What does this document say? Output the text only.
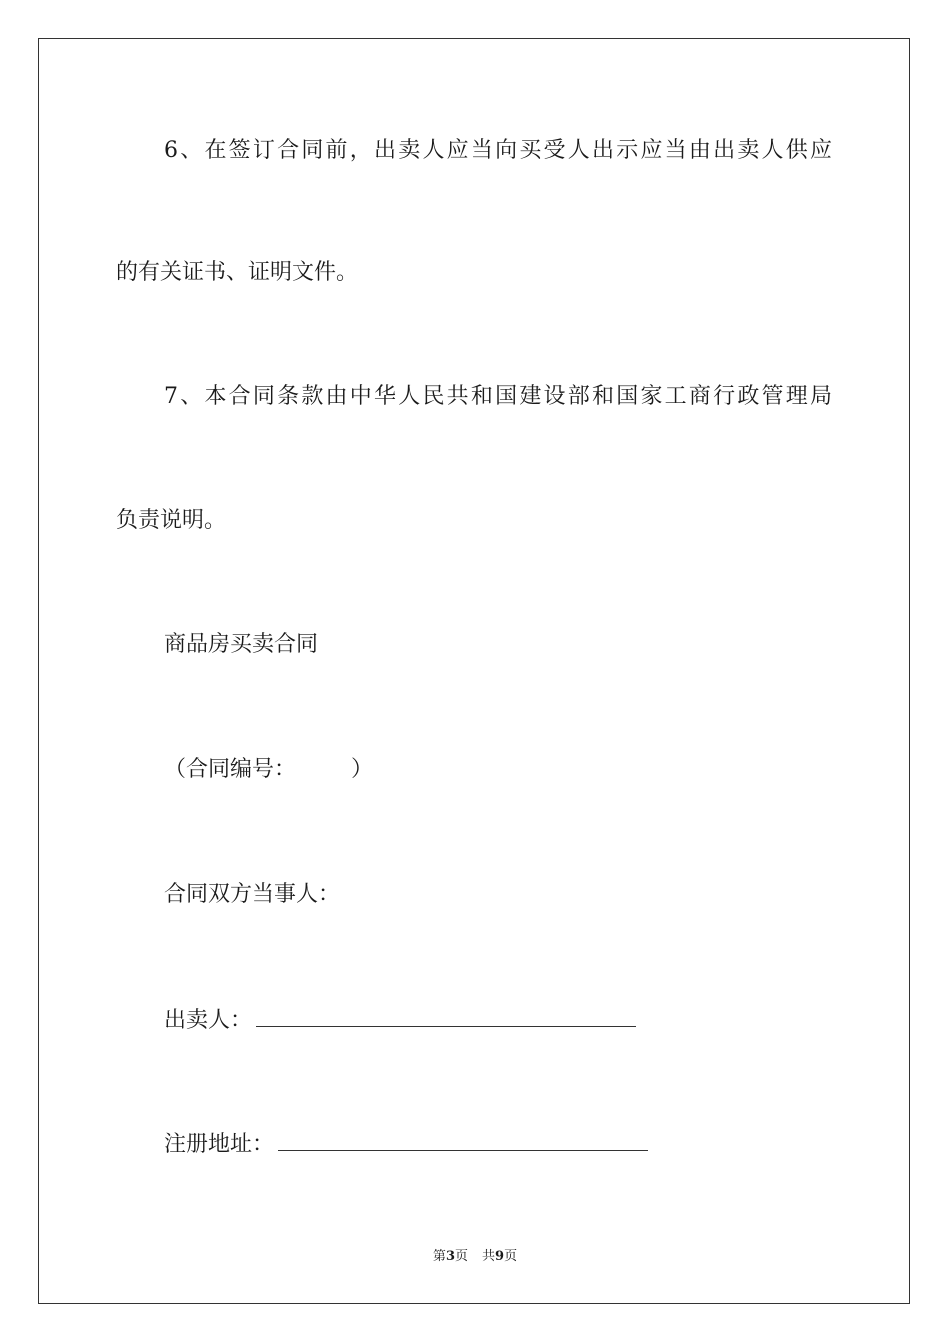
6、在签订合同前，出卖人应当向买受人出示应当由出卖人供应
的有关证书、证明文件。
7、本合同条款由中华人民共和国建设部和国家工商行政管理局
负责说明。
商品房买卖合同
（合同编号：　　　）
合同双方当事人：
出卖人：
注册地址：
第3页 共9页
